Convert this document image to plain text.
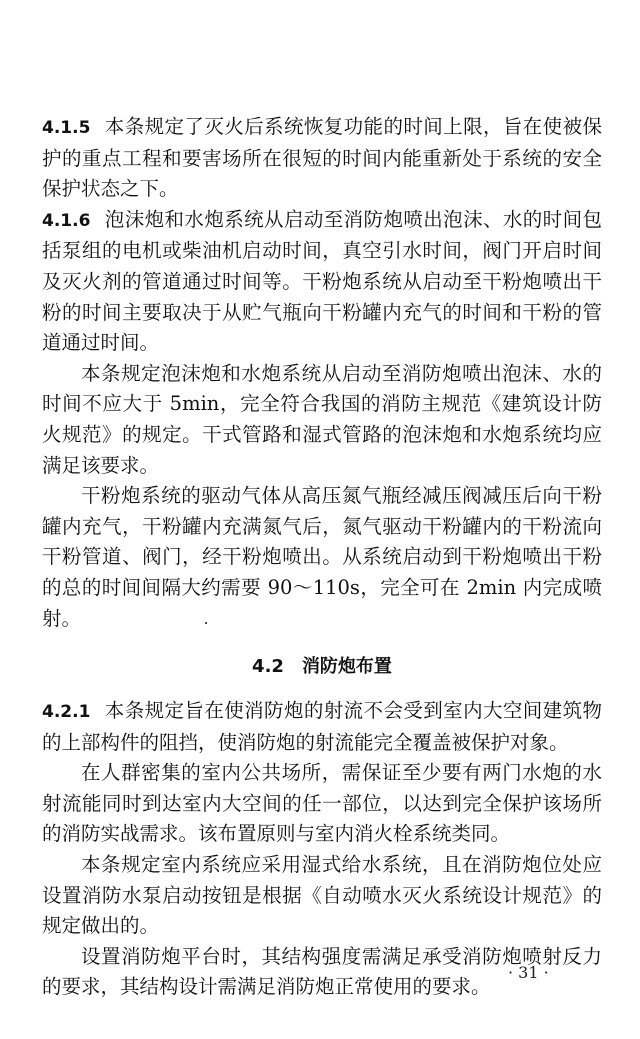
4.1.5 本条规定了灭火后系统恢复功能的时间上限，旨在使被保护的重点工程和要害场所在很短的时间内能重新处于系统的安全保护状态之下。

4.1.6 泡沫炮和水炮系统从启动至消防炮喷出泡沫、水的时间包括泵组的电机或柴油机启动时间，真空引水时间，阀门开启时间及灭火剂的管道通过时间等。干粉炮系统从启动至干粉炮喷出干粉的时间主要取决于从贮气瓶向干粉罐内充气的时间和干粉的管道通过时间。

本条规定泡沫炮和水炮系统从启动至消防炮喷出泡沫、水的时间不应大于 5min，完全符合我国的消防主规范《建筑设计防火规范》的规定。干式管路和湿式管路的泡沫炮和水炮系统均应满足该要求。

干粉炮系统的驱动气体从高压氮气瓶经减压阀减压后向干粉罐内充气，干粉罐内充满氮气后，氮气驱动干粉罐内的干粉流向干粉管道、阀门，经干粉炮喷出。从系统启动到干粉炮喷出干粉的总的时间间隔大约需要 90～110s，完全可在 2min 内完成喷射。

4.2 消防炮布置

4.2.1 本条规定旨在使消防炮的射流不会受到室内大空间建筑物的上部构件的阻挡，使消防炮的射流能完全覆盖被保护对象。

在人群密集的室内公共场所，需保证至少要有两门水炮的水射流能同时到达室内大空间的任一部位，以达到完全保护该场所的消防实战需求。该布置原则与室内消火栓系统类同。

本条规定室内系统应采用湿式给水系统，且在消防炮位处应设置消防水泵启动按钮是根据《自动喷水灭火系统设计规范》的规定做出的。

设置消防炮平台时，其结构强度需满足承受消防炮喷射反力的要求，其结构设计需满足消防炮正常使用的要求。

· 31 ·
